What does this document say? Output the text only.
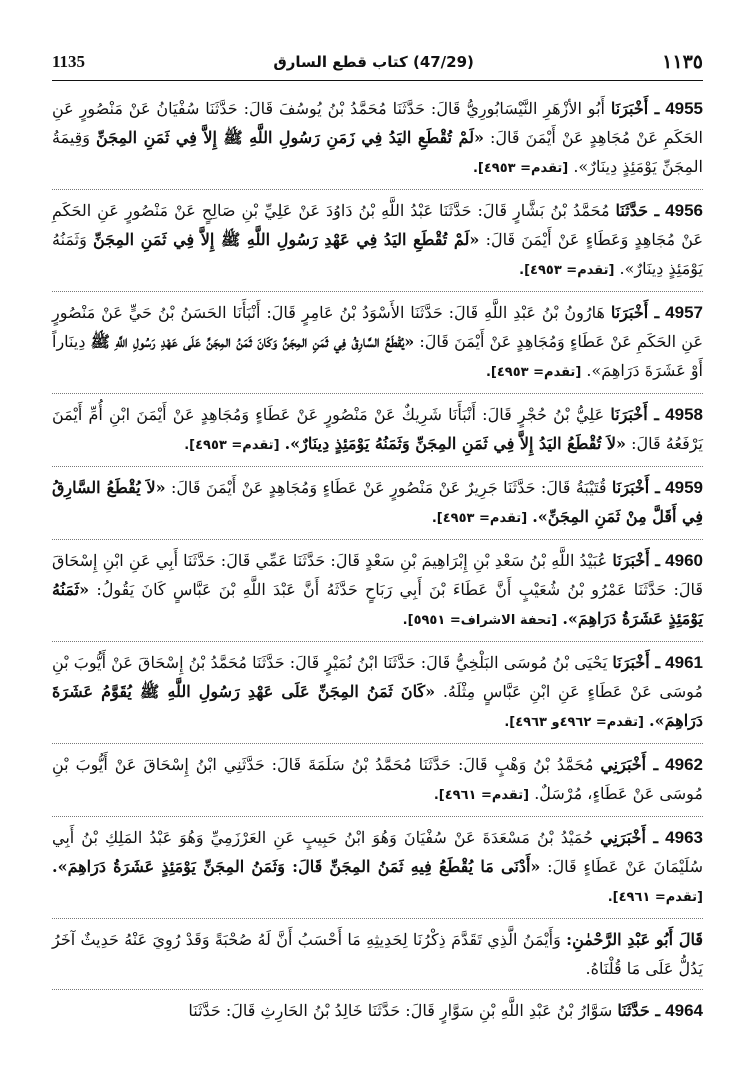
1135	(47/29) كتاب قطع السارق	١١٣٥

4955 ـ أَخْبَرَنَا أَبُو الأزْهَرِ النَّيْسَابُورِيُّ قَالَ: حَدَّثَنَا مُحَمَّدُ بْنُ يُوسُفَ قَالَ: حَدَّثَنَا سُفْيَانُ عَنْ مَنْصُورٍ عَنِ الحَكَمِ عَنْ مُجَاهِدٍ عَنْ أَيْمَنَ قَالَ: «لَمْ تُقْطَعِ اليَدُ فِي زَمَنِ رَسُولِ اللَّهِ ﷺ إِلاَّ فِي ثَمَنِ المِجَنِّ وَقِيمَةُ المِجَنِّ يَوْمَئِذٍ دِينَارٌ». [تقدم= ٤٩٥٣].

4956 ـ حَدَّثَنَا مُحَمَّدُ بْنُ بَشَّارٍ قَالَ: حَدَّثَنَا عَبْدُ اللَّهِ بْنُ دَاوُدَ عَنْ عَلِيِّ بْنِ صَالِحٍ عَنْ مَنْصُورٍ عَنِ الحَكَمِ عَنْ مُجَاهِدٍ وَعَطَاءٍ عَنْ أَيْمَنَ قَالَ: «لَمْ تُقْطَعِ اليَدُ فِي عَهْدِ رَسُولِ اللَّهِ ﷺ إِلاَّ فِي ثَمَنِ المِجَنِّ وَثَمَنُهُ يَوْمَئِذٍ دِينَارٌ». [تقدم= ٤٩٥٣].

4957 ـ أَخْبَرَنَا هَارُونُ بْنُ عَبْدِ اللَّهِ قَالَ: حَدَّثَنَا الأَسْوَدُ بْنُ عَامِرٍ قَالَ: أَنْبَأَنَا الحَسَنُ بْنُ حَيٍّ عَنْ مَنْصُورٍ عَنِ الحَكَمِ عَنْ عَطَاءٍ وَمُجَاهِدٍ عَنْ أَيْمَنَ قَالَ: «يُقْطَعُ السَّارِقُ فِي ثَمَنِ المِجَنِّ وَكَانَ ثَمَنُ المِجَنِّ عَلَى عَهْدِ رَسُولِ اللَّهِ ﷺ دِينَاراً أَوْ عَشَرَةَ دَرَاهِمَ». [تقدم= ٤٩٥٣].

4958 ـ أَخْبَرَنَا عَلِيُّ بْنُ حُجْرٍ قَالَ: أَنْبَأَنَا شَرِيكٌ عَنْ مَنْصُورٍ عَنْ عَطَاءٍ وَمُجَاهِدٍ عَنْ أَيْمَنَ ابْنِ أُمِّ أَيْمَنَ يَرْفَعُهُ قَالَ: «لاَ تُقْطَعُ اليَدُ إِلاَّ فِي ثَمَنِ المِجَنِّ وَثَمَنُهُ يَوْمَئِذٍ دِينَارٌ». [تقدم= ٤٩٥٣].

4959 ـ أَخْبَرَنَا قُتَيْبَةُ قَالَ: حَدَّثَنَا جَرِيرٌ عَنْ مَنْصُورٍ عَنْ عَطَاءٍ وَمُجَاهِدٍ عَنْ أَيْمَنَ قَالَ: «لاَ يُقْطَعُ السَّارِقُ فِي أَقَلَّ مِنْ ثَمَنِ المِجَنِّ». [تقدم= ٤٩٥٣].

4960 ـ أَخْبَرَنَا عُبَيْدُ اللَّهِ بْنُ سَعْدِ بْنِ إِبْرَاهِيمَ بْنِ سَعْدٍ قَالَ: حَدَّثَنَا عَمِّي قَالَ: حَدَّثَنَا أَبِي عَنِ ابْنِ إِسْحَاقَ قَالَ: حَدَّثَنَا عَمْرُو بْنُ شُعَيْبٍ أَنَّ عَطَاءَ بْنَ أَبِي رَبَاحٍ حَدَّثَهُ أَنَّ عَبْدَ اللَّهِ بْنَ عَبَّاسٍ كَانَ يَقُولُ: «ثَمَنُهُ يَوْمَئِذٍ عَشَرَةُ دَرَاهِمَ». [تحفة الاشراف= ٥٩٥١].

4961 ـ أَخْبَرَنَا يَحْيَى بْنُ مُوسَى البَلْخِيُّ قَالَ: حَدَّثَنَا ابْنُ نُمَيْرٍ قَالَ: حَدَّثَنَا مُحَمَّدُ بْنُ إِسْحَاقَ عَنْ أَيُّوبَ بْنِ مُوسَى عَنْ عَطَاءٍ عَنِ ابْنِ عَبَّاسٍ مِثْلَهُ. «كَانَ ثَمَنُ المِجَنِّ عَلَى عَهْدِ رَسُولِ اللَّهِ ﷺ يُقَوَّمُ عَشَرَةَ دَرَاهِمَ». [تقدم= ٤٩٦٢و ٤٩٦٣].

4962 ـ أَخْبَرَنِي مُحَمَّدُ بْنُ وَهْبٍ قَالَ: حَدَّثَنَا مُحَمَّدُ بْنُ سَلَمَةَ قَالَ: حَدَّثَنِي ابْنُ إِسْحَاقَ عَنْ أَيُّوبَ بْنِ مُوسَى عَنْ عَطَاءٍ، مُرْسَلٌ. [تقدم= ٤٩٦١].

4963 ـ أَخْبَرَنِي حُمَيْدُ بْنُ مَسْعَدَةَ عَنْ سُفْيَانَ وَهُوَ ابْنُ حَبِيبٍ عَنِ العَرْزَمِيِّ وَهُوَ عَبْدُ المَلِكِ بْنُ أَبِي سُلَيْمَانَ عَنْ عَطَاءٍ قَالَ: «أَدْنَى مَا يُقْطَعُ فِيهِ ثَمَنُ المِجَنِّ قَالَ: وَثَمَنُ المِجَنِّ يَوْمَئِذٍ عَشَرَةُ دَرَاهِمَ». [تقدم= ٤٩٦١].

قَالَ أَبُو عَبْدِ الرَّحْمٰنِ: وَأَيْمَنُ الَّذِي تَقَدَّمَ ذِكْرُنَا لِحَدِيثِهِ مَا أَحْسَبُ أَنَّ لَهُ صُحْبَةً وَقَدْ رُوِيَ عَنْهُ حَدِيثٌ آخَرُ يَدُلُّ عَلَى مَا قُلْنَاهُ.

4964 ـ حَدَّثَنَا سَوَّارُ بْنُ عَبْدِ اللَّهِ بْنِ سَوَّارٍ قَالَ: حَدَّثَنَا خَالِدُ بْنُ الحَارِثِ قَالَ: حَدَّثَنَا
